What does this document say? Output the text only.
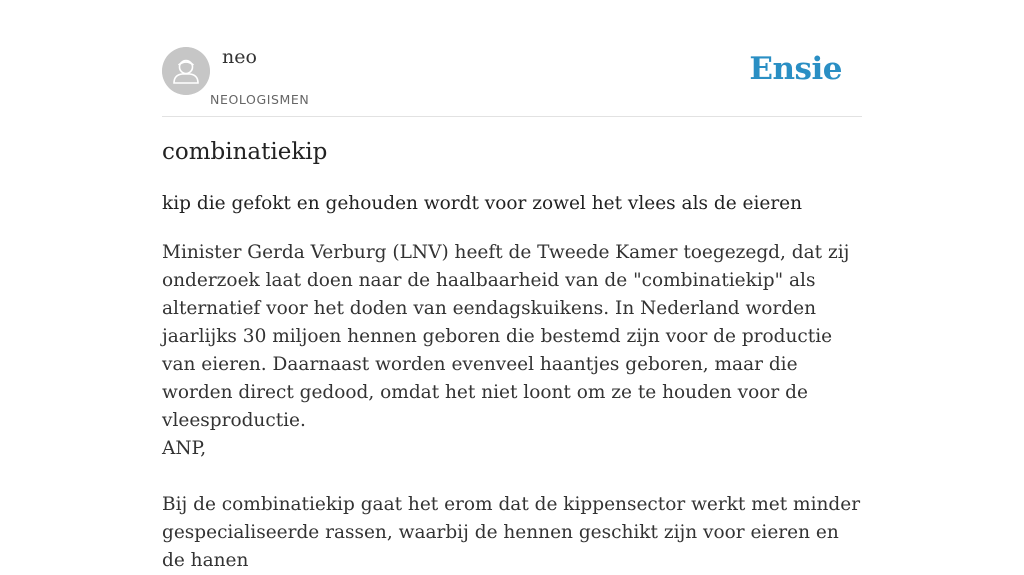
neo
NEOLOGISMEN
Ensie
combinatiekip

kip die gefokt en gehouden wordt voor zowel het vlees als de eieren

Minister Gerda Verburg (LNV) heeft de Tweede Kamer toegezegd, dat zij onderzoek laat doen naar de haalbaarheid van de "combinatiekip" als alternatief voor het doden van eendagskuikens. In Nederland worden jaarlijks 30 miljoen hennen geboren die bestemd zijn voor de productie van eieren. Daarnaast worden evenveel haantjes geboren, maar die worden direct gedood, omdat het niet loont om ze te houden voor de vleesproductie.

ANP,

Bij de combinatiekip gaat het erom dat de kippensector werkt met minder gespecialiseerde rassen, waarbij de hennen geschikt zijn voor eieren en de hanen
